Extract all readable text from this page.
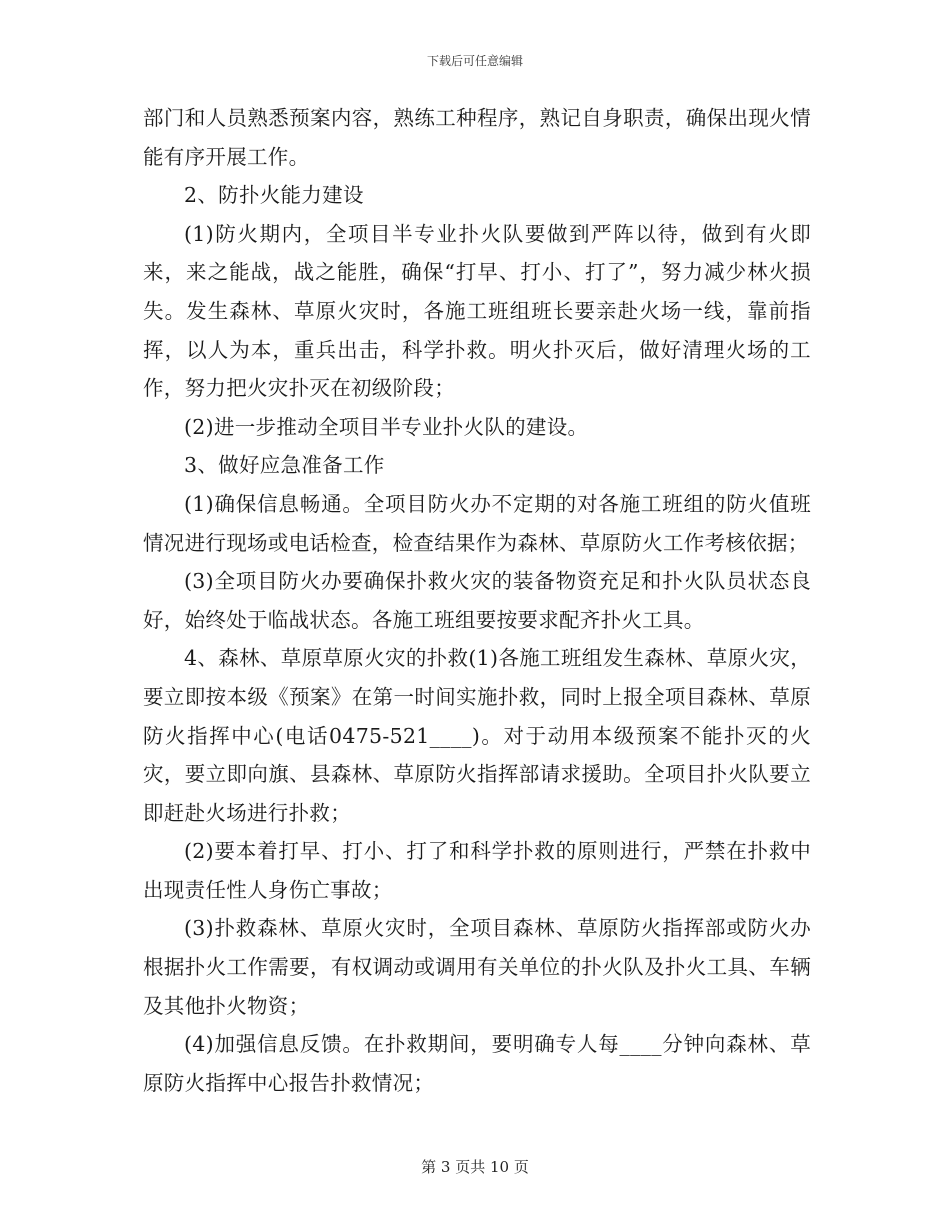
下载后可任意编辑

部门和人员熟悉预案内容，熟练工种程序，熟记自身职责，确保出现火情能有序开展工作。

2、防扑火能力建设

(1)防火期内，全项目半专业扑火队要做到严阵以待，做到有火即来，来之能战，战之能胜，确保“打早、打小、打了”，努力减少林火损失。发生森林、草原火灾时，各施工班组班长要亲赴火场一线，靠前指挥，以人为本，重兵出击，科学扑救。明火扑灭后，做好清理火场的工作，努力把火灾扑灭在初级阶段；

(2)进一步推动全项目半专业扑火队的建设。

3、做好应急准备工作

(1)确保信息畅通。全项目防火办不定期的对各施工班组的防火值班情况进行现场或电话检查，检查结果作为森林、草原防火工作考核依据；

(3)全项目防火办要确保扑救火灾的装备物资充足和扑火队员状态良好，始终处于临战状态。各施工班组要按要求配齐扑火工具。

4、森林、草原草原火灾的扑救(1)各施工班组发生森林、草原火灾，要立即按本级《预案》在第一时间实施扑救，同时上报全项目森林、草原防火指挥中心(电话0475-521____)。对于动用本级预案不能扑灭的火灾，要立即向旗、县森林、草原防火指挥部请求援助。全项目扑火队要立即赶赴火场进行扑救；

(2)要本着打早、打小、打了和科学扑救的原则进行，严禁在扑救中出现责任性人身伤亡事故；

(3)扑救森林、草原火灾时，全项目森林、草原防火指挥部或防火办根据扑火工作需要，有权调动或调用有关单位的扑火队及扑火工具、车辆及其他扑火物资；

(4)加强信息反馈。在扑救期间，要明确专人每____分钟向森林、草原防火指挥中心报告扑救情况；

第 3 页共 10 页
